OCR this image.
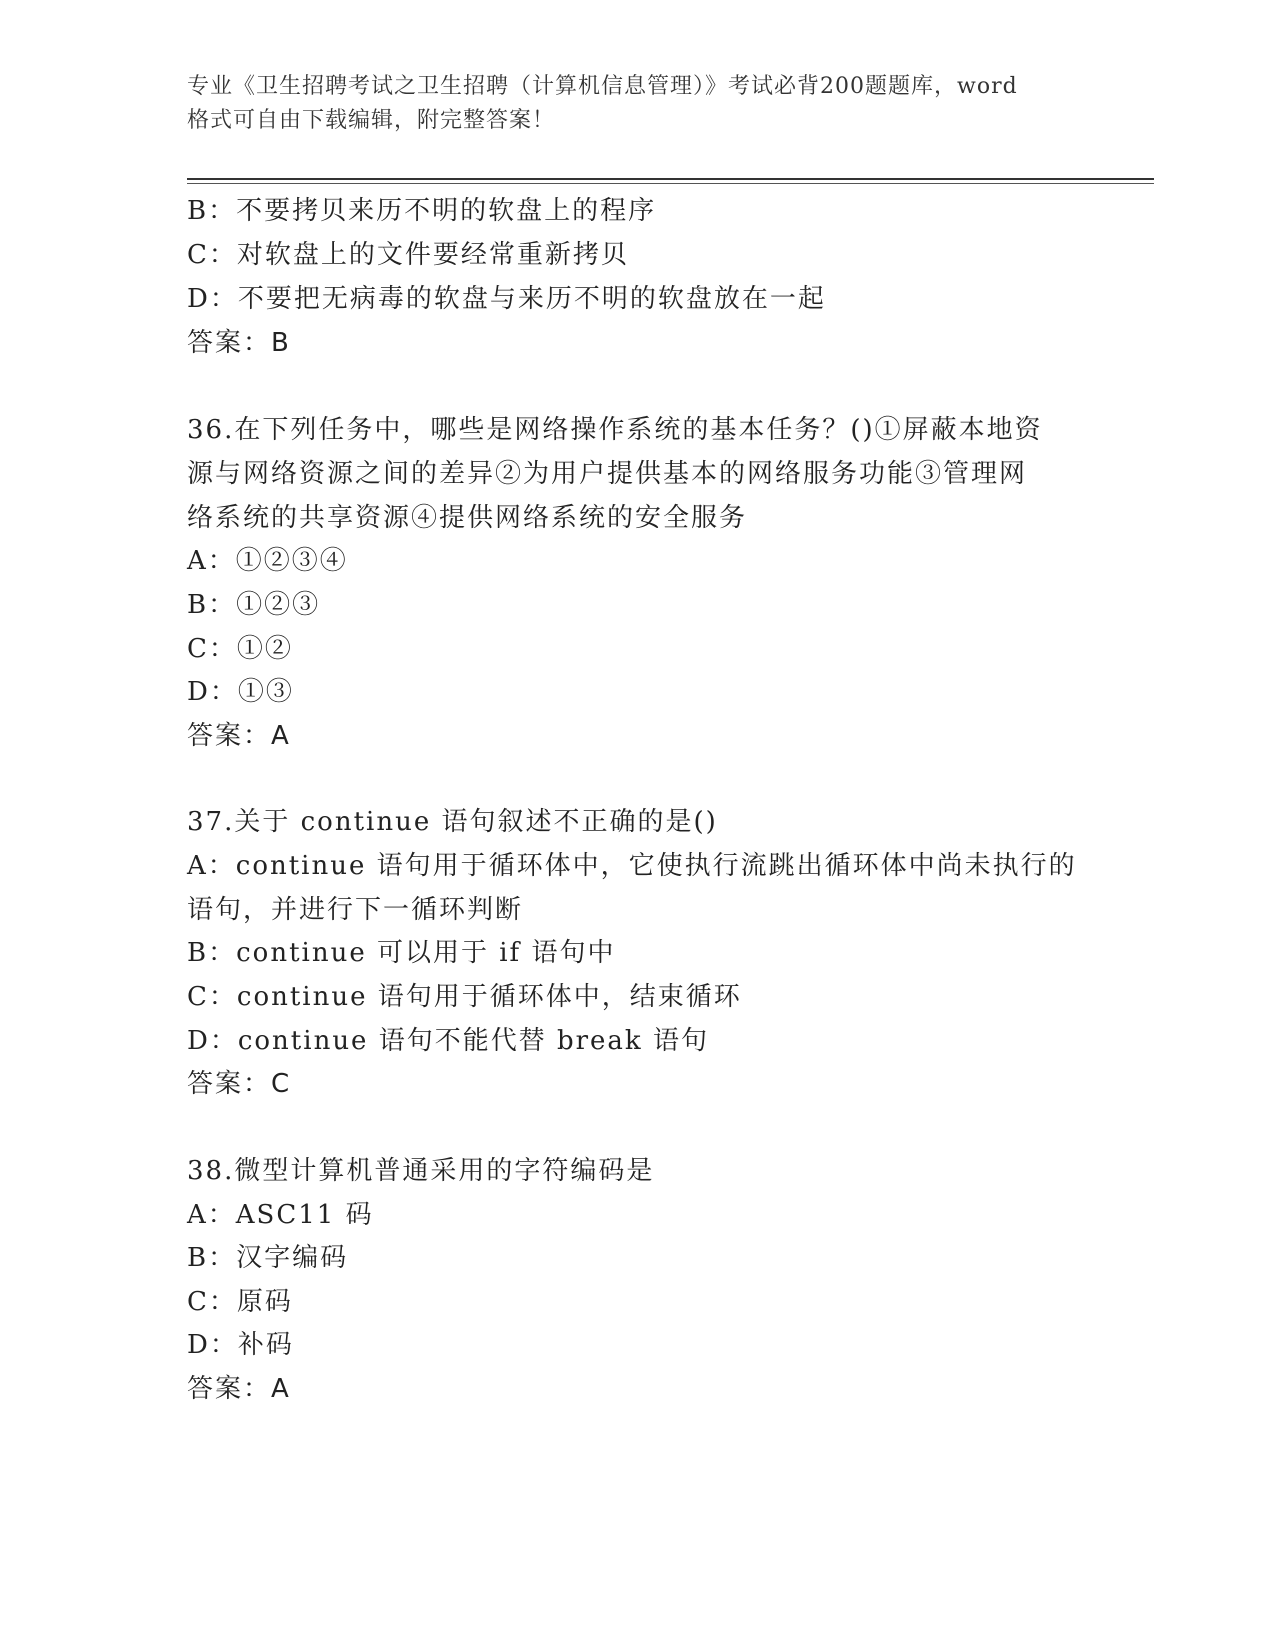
专业《卫生招聘考试之卫生招聘（计算机信息管理）》考试必背200题题库，word
格式可自由下载编辑，附完整答案！
B：不要拷贝来历不明的软盘上的程序
C：对软盘上的文件要经常重新拷贝
D：不要把无病毒的软盘与来历不明的软盘放在一起
答案：B
36.在下列任务中，哪些是网络操作系统的基本任务？()①屏蔽本地资
源与网络资源之间的差异②为用户提供基本的网络服务功能③管理网
络系统的共享资源④提供网络系统的安全服务
A：①②③④
B：①②③
C：①②
D：①③
答案：A
37.关于 continue 语句叙述不正确的是()
A：continue 语句用于循环体中，它使执行流跳出循环体中尚未执行的
语句，并进行下一循环判断
B：continue 可以用于 if 语句中
C：continue 语句用于循环体中，结束循环
D：continue 语句不能代替 break 语句
答案：C
38.微型计算机普通采用的字符编码是
A：ASC11 码
B：汉字编码
C：原码
D：补码
答案：A
